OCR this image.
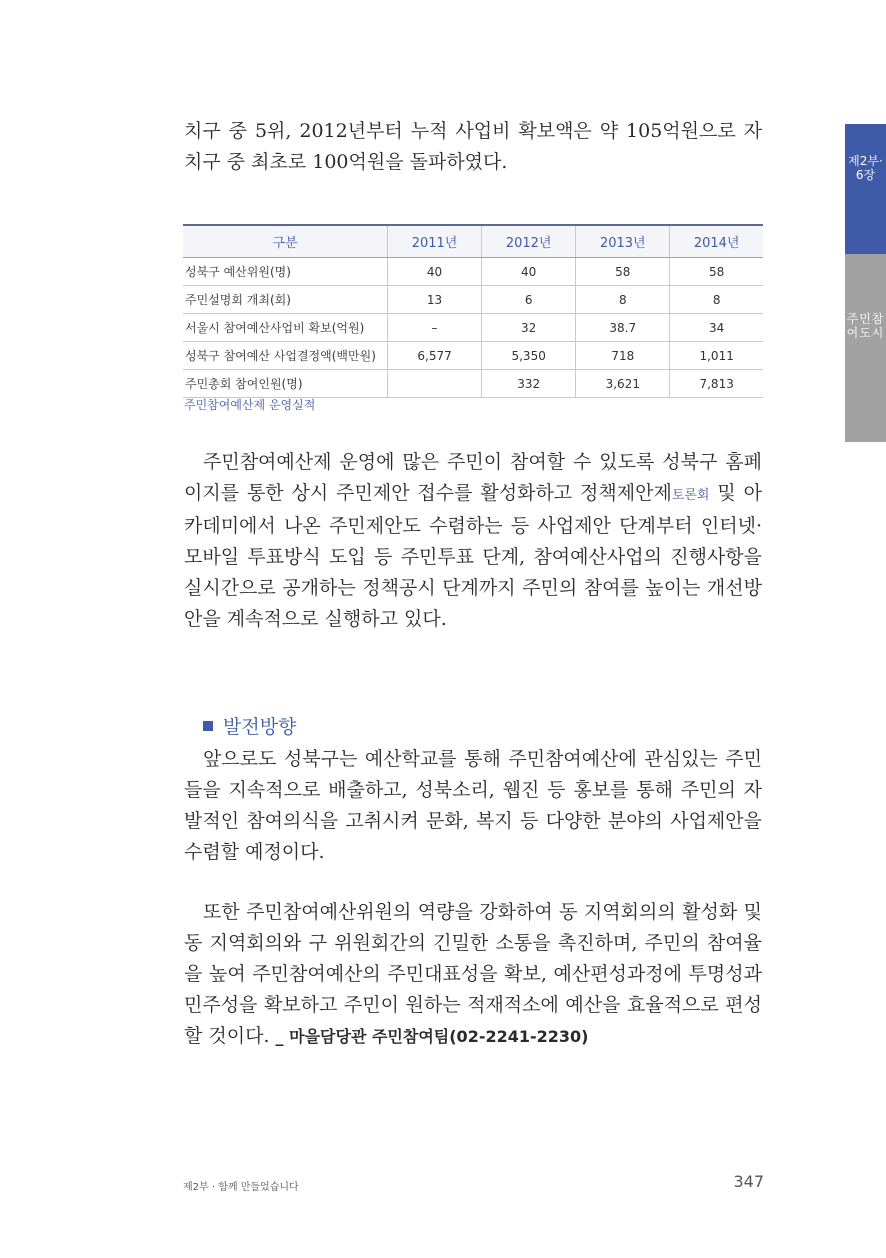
제2부·6장
주민참여도시

치구 중 5위, 2012년부터 누적 사업비 확보액은 약 105억원으로 자치구 중 최초로 100억원을 돌파하였다.

구분	2011년	2012년	2013년	2014년
성북구 예산위원(명)	40	40	58	58
주민설명회 개최(회)	13	6	8	8
서울시 참여예산사업비 확보(억원)	–	32	38.7	34
성북구 참여예산 사업결정액(백만원)	6,577	5,350	718	1,011
주민총회 참여인원(명)		332	3,621	7,813
주민참여예산제 운영실적

주민참여예산제 운영에 많은 주민이 참여할 수 있도록 성북구 홈페이지를 통한 상시 주민제안 접수를 활성화하고 정책제안제토론회 및 아카데미에서 나온 주민제안도 수렴하는 등 사업제안 단계부터 인터넷·모바일 투표방식 도입 등 주민투표 단계, 참여예산사업의 진행사항을 실시간으로 공개하는 정책공시 단계까지 주민의 참여를 높이는 개선방안을 계속적으로 실행하고 있다.

발전방향

앞으로도 성북구는 예산학교를 통해 주민참여예산에 관심있는 주민들을 지속적으로 배출하고, 성북소리, 웹진 등 홍보를 통해 주민의 자발적인 참여의식을 고취시켜 문화, 복지 등 다양한 분야의 사업제안을 수렴할 예정이다.

또한 주민참여예산위원의 역량을 강화하여 동 지역회의의 활성화 및 동 지역회의와 구 위원회간의 긴밀한 소통을 촉진하며, 주민의 참여율을 높여 주민참여예산의 주민대표성을 확보, 예산편성과정에 투명성과 민주성을 확보하고 주민이 원하는 적재적소에 예산을 효율적으로 편성할 것이다. _ 마을담당관 주민참여팀(02-2241-2230)

제2부 · 함께 만들었습니다	347
